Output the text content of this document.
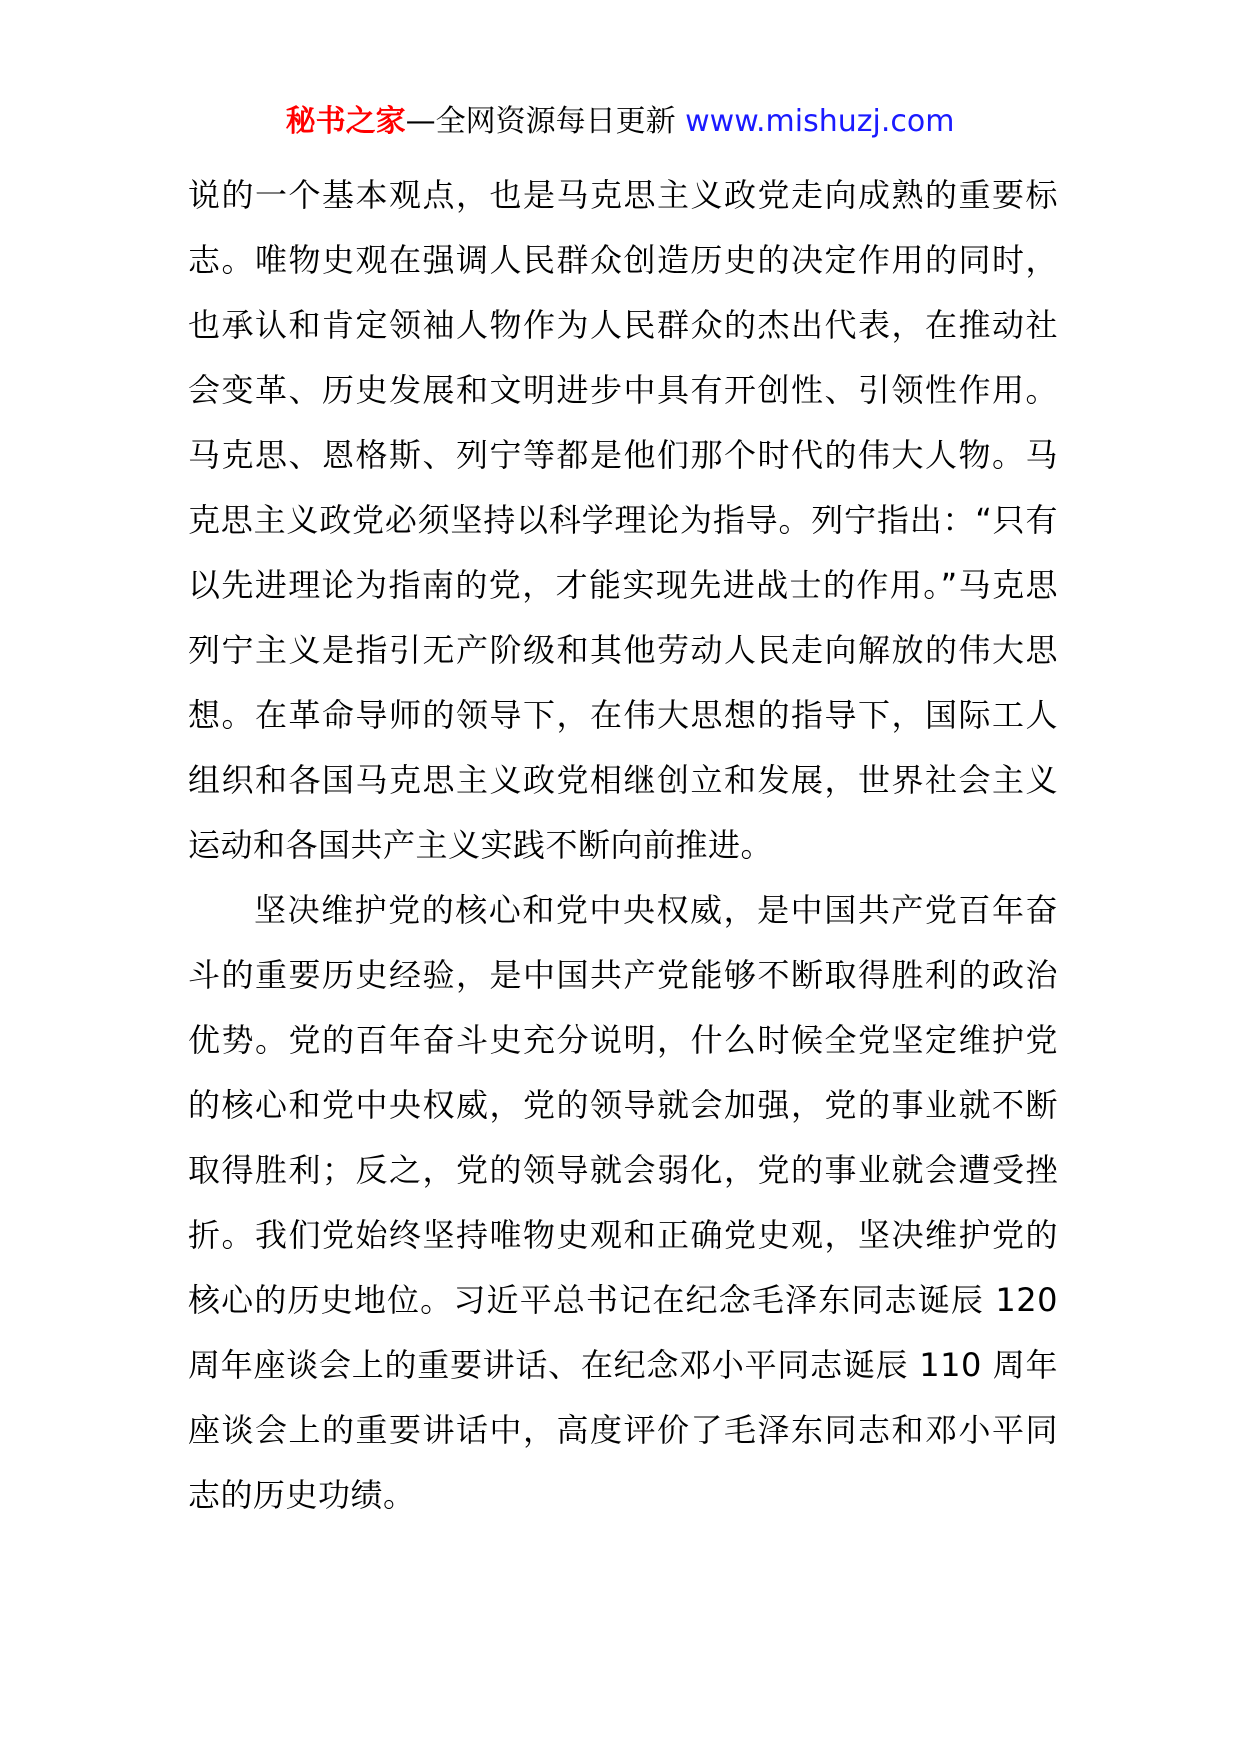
秘书之家—全网资源每日更新 www.mishuzj.com

说的一个基本观点，也是马克思主义政党走向成熟的重要标志。唯物史观在强调人民群众创造历史的决定作用的同时，也承认和肯定领袖人物作为人民群众的杰出代表，在推动社会变革、历史发展和文明进步中具有开创性、引领性作用。马克思、恩格斯、列宁等都是他们那个时代的伟大人物。马克思主义政党必须坚持以科学理论为指导。列宁指出：“只有以先进理论为指南的党，才能实现先进战士的作用。”马克思列宁主义是指引无产阶级和其他劳动人民走向解放的伟大思想。在革命导师的领导下，在伟大思想的指导下，国际工人组织和各国马克思主义政党相继创立和发展，世界社会主义运动和各国共产主义实践不断向前推进。

坚决维护党的核心和党中央权威，是中国共产党百年奋斗的重要历史经验，是中国共产党能够不断取得胜利的政治优势。党的百年奋斗史充分说明，什么时候全党坚定维护党的核心和党中央权威，党的领导就会加强，党的事业就不断取得胜利；反之，党的领导就会弱化，党的事业就会遭受挫折。我们党始终坚持唯物史观和正确党史观，坚决维护党的核心的历史地位。习近平总书记在纪念毛泽东同志诞辰 120 周年座谈会上的重要讲话、在纪念邓小平同志诞辰 110 周年座谈会上的重要讲话中，高度评价了毛泽东同志和邓小平同志的历史功绩。
